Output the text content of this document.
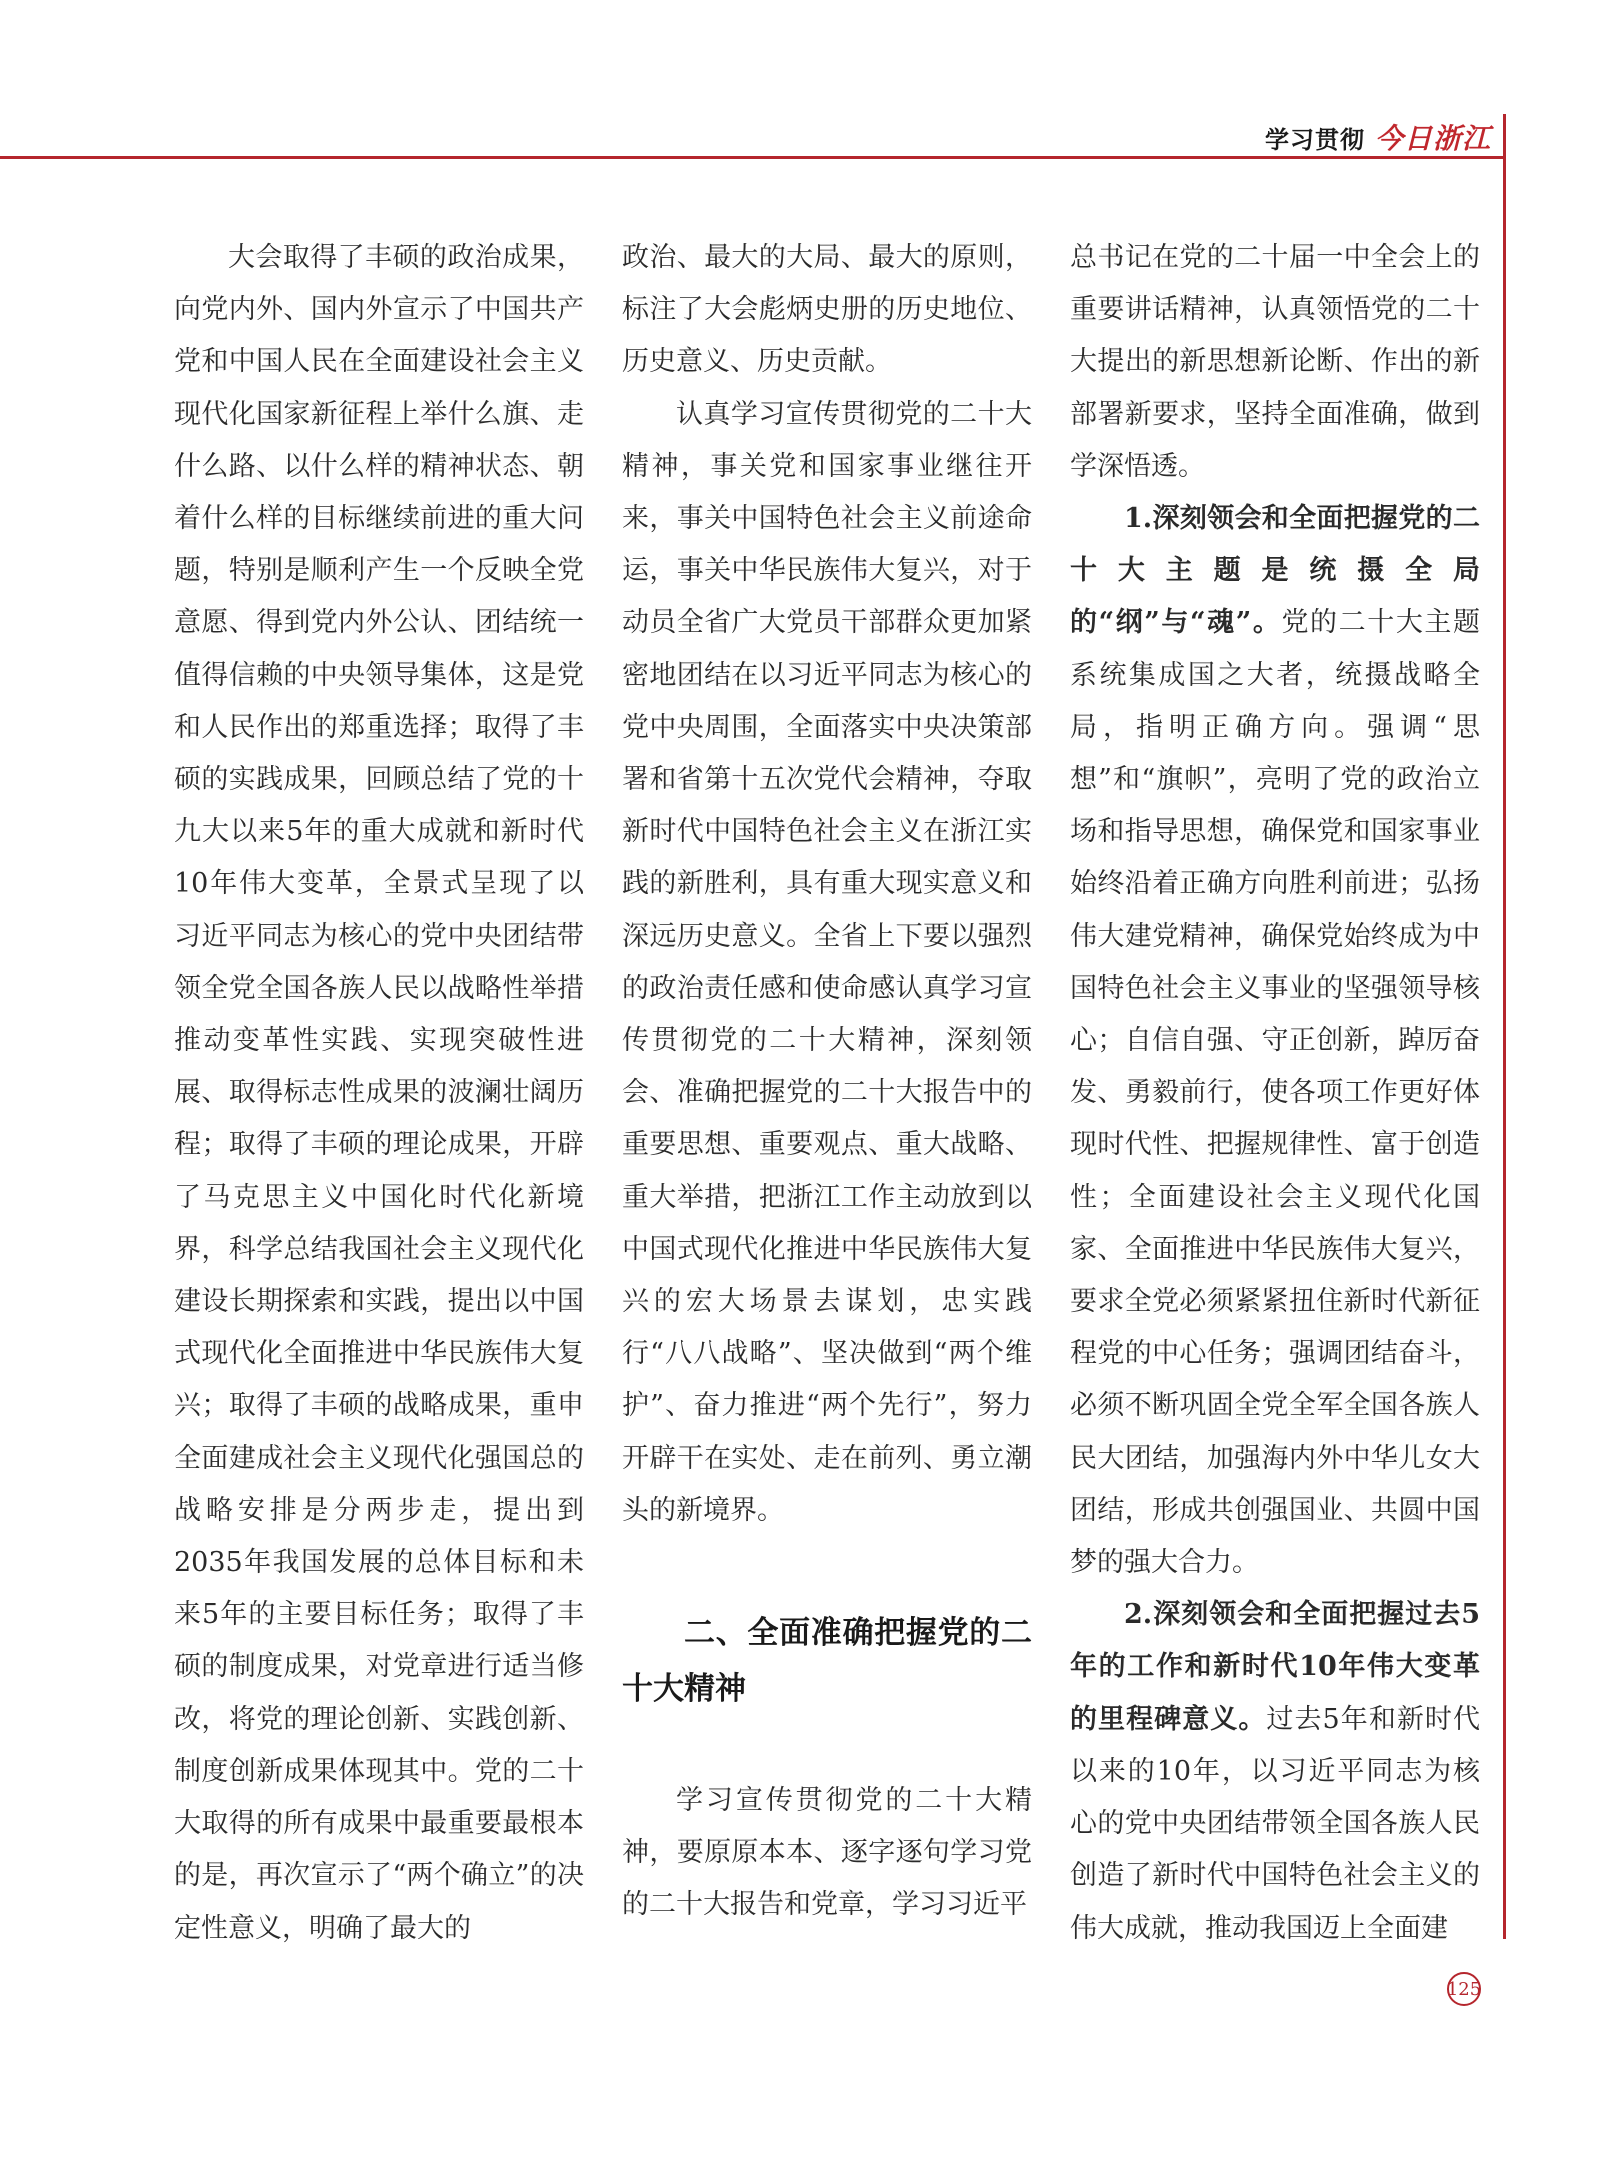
学习贯彻 今日浙江

大会取得了丰硕的政治成果，向党内外、国内外宣示了中国共产党和中国人民在全面建设社会主义现代化国家新征程上举什么旗、走什么路、以什么样的精神状态、朝着什么样的目标继续前进的重大问题，特别是顺利产生一个反映全党意愿、得到党内外公认、团结统一值得信赖的中央领导集体，这是党和人民作出的郑重选择；取得了丰硕的实践成果，回顾总结了党的十九大以来5年的重大成就和新时代10年伟大变革，全景式呈现了以习近平同志为核心的党中央团结带领全党全国各族人民以战略性举措推动变革性实践、实现突破性进展、取得标志性成果的波澜壮阔历程；取得了丰硕的理论成果，开辟了马克思主义中国化时代化新境界，科学总结我国社会主义现代化建设长期探索和实践，提出以中国式现代化全面推进中华民族伟大复兴；取得了丰硕的战略成果，重申全面建成社会主义现代化强国总的战略安排是分两步走，提出到2035年我国发展的总体目标和未来5年的主要目标任务；取得了丰硕的制度成果，对党章进行适当修改，将党的理论创新、实践创新、制度创新成果体现其中。党的二十大取得的所有成果中最重要最根本的是，再次宣示了“两个确立”的决定性意义，明确了最大的

政治、最大的大局、最大的原则，标注了大会彪炳史册的历史地位、历史意义、历史贡献。

认真学习宣传贯彻党的二十大精神，事关党和国家事业继往开来，事关中国特色社会主义前途命运，事关中华民族伟大复兴，对于动员全省广大党员干部群众更加紧密地团结在以习近平同志为核心的党中央周围，全面落实中央决策部署和省第十五次党代会精神，夺取新时代中国特色社会主义在浙江实践的新胜利，具有重大现实意义和深远历史意义。全省上下要以强烈的政治责任感和使命感认真学习宣传贯彻党的二十大精神，深刻领会、准确把握党的二十大报告中的重要思想、重要观点、重大战略、重大举措，把浙江工作主动放到以中国式现代化推进中华民族伟大复兴的宏大场景去谋划，忠实践行“八八战略”、坚决做到“两个维护”、奋力推进“两个先行”，努力开辟干在实处、走在前列、勇立潮头的新境界。

二、全面准确把握党的二十大精神

学习宣传贯彻党的二十大精神，要原原本本、逐字逐句学习党的二十大报告和党章，学习习近平

总书记在党的二十届一中全会上的重要讲话精神，认真领悟党的二十大提出的新思想新论断、作出的新部署新要求，坚持全面准确，做到学深悟透。

1.深刻领会和全面把握党的二十大主题是统摄全局的“纲”与“魂”。党的二十大主题系统集成国之大者，统摄战略全局，指明正确方向。强调“思想”和“旗帜”，亮明了党的政治立场和指导思想，确保党和国家事业始终沿着正确方向胜利前进；弘扬伟大建党精神，确保党始终成为中国特色社会主义事业的坚强领导核心；自信自强、守正创新，踔厉奋发、勇毅前行，使各项工作更好体现时代性、把握规律性、富于创造性；全面建设社会主义现代化国家、全面推进中华民族伟大复兴，要求全党必须紧紧扭住新时代新征程党的中心任务；强调团结奋斗，必须不断巩固全党全军全国各族人民大团结，加强海内外中华儿女大团结，形成共创强国业、共圆中国梦的强大合力。

2.深刻领会和全面把握过去5年的工作和新时代10年伟大变革的里程碑意义。过去5年和新时代以来的10年，以习近平同志为核心的党中央团结带领全国各族人民创造了新时代中国特色社会主义的伟大成就，推动我国迈上全面建

125
